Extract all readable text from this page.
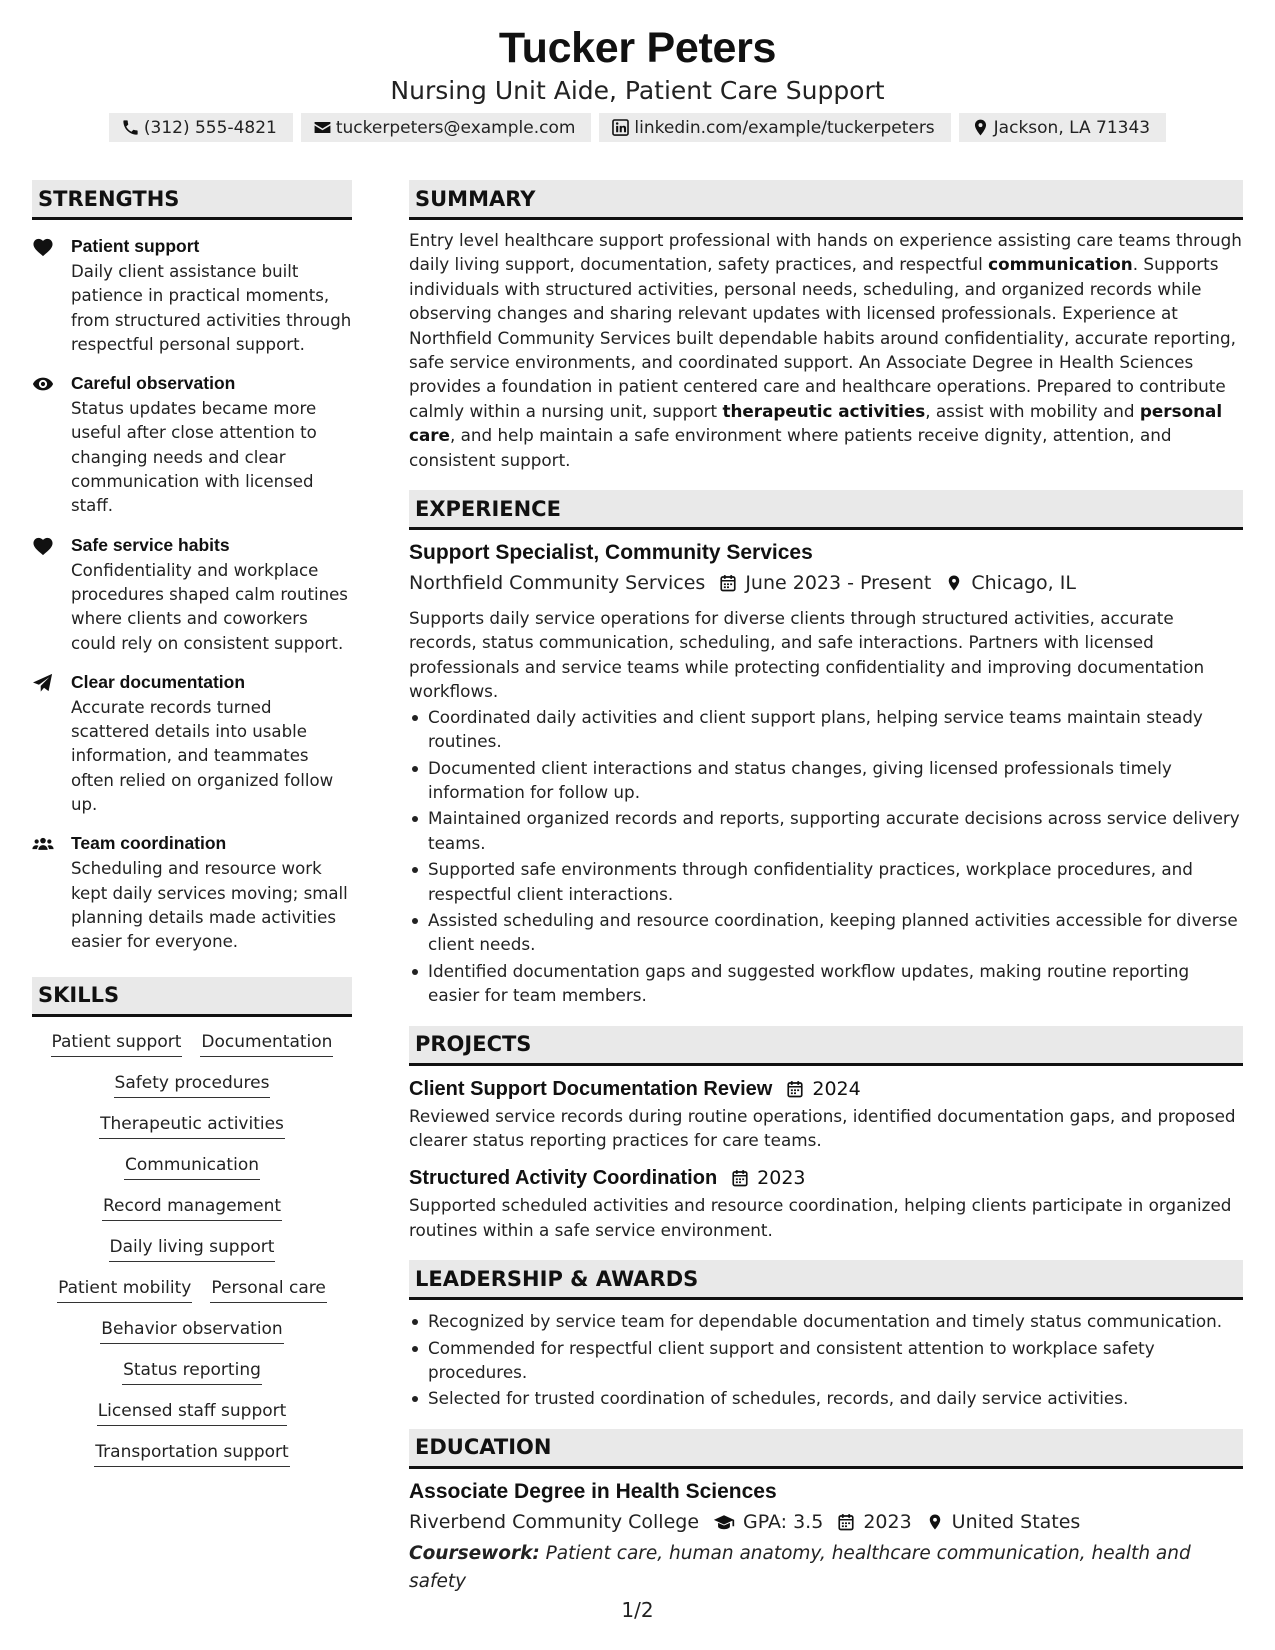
Tucker Peters
Nursing Unit Aide, Patient Care Support
(312) 555-4821	tuckerpeters@example.com	linkedin.com/example/tuckerpeters	Jackson, LA 71343
STRENGTHS
Patient support
Daily client assistance built patience in practical moments, from structured activities through respectful personal support.
Careful observation
Status updates became more useful after close attention to changing needs and clear communication with licensed staff.
Safe service habits
Confidentiality and workplace procedures shaped calm routines where clients and coworkers could rely on consistent support.
Clear documentation
Accurate records turned scattered details into usable information, and teammates often relied on organized follow up.
Team coordination
Scheduling and resource work kept daily services moving; small planning details made activities easier for everyone.
SKILLS
Patient support Documentation
Safety procedures
Therapeutic activities
Communication
Record management
Daily living support
Patient mobility Personal care
Behavior observation
Status reporting
Licensed staff support
Transportation support
SUMMARY

Entry level healthcare support professional with hands on experience assisting care teams through daily living support, documentation, safety practices, and respectful communication. Supports individuals with structured activities, personal needs, scheduling, and organized records while observing changes and sharing relevant updates with licensed professionals. Experience at Northfield Community Services built dependable habits around confidentiality, accurate reporting, safe service environments, and coordinated support. An Associate Degree in Health Sciences provides a foundation in patient centered care and healthcare operations. Prepared to contribute calmly within a nursing unit, support therapeutic activities, assist with mobility and personal care, and help maintain a safe environment where patients receive dignity, attention, and consistent support.

EXPERIENCE
Support Specialist, Community Services
Northfield Community Services June 2023 - Present Chicago, IL

Supports daily service operations for diverse clients through structured activities, accurate records, status communication, scheduling, and safe interactions. Partners with licensed professionals and service teams while protecting confidentiality and improving documentation workflows.

Coordinated daily activities and client support plans, helping service teams maintain steady routines.
Documented client interactions and status changes, giving licensed professionals timely information for follow up.
Maintained organized records and reports, supporting accurate decisions across service delivery teams.
Supported safe environments through confidentiality practices, workplace procedures, and respectful client interactions.
Assisted scheduling and resource coordination, keeping planned activities accessible for diverse client needs.
Identified documentation gaps and suggested workflow updates, making routine reporting easier for team members.
PROJECTS
Client Support Documentation Review 2024

Reviewed service records during routine operations, identified documentation gaps, and proposed clearer status reporting practices for care teams.

Structured Activity Coordination 2023

Supported scheduled activities and resource coordination, helping clients participate in organized routines within a safe service environment.

LEADERSHIP & AWARDS
Recognized by service team for dependable documentation and timely status communication.
Commended for respectful client support and consistent attention to workplace safety procedures.
Selected for trusted coordination of schedules, records, and daily service activities.
EDUCATION
Associate Degree in Health Sciences
Riverbend Community College GPA: 3.5 2023 United States
Coursework: Patient care, human anatomy, healthcare communication, health and safety
1/2
